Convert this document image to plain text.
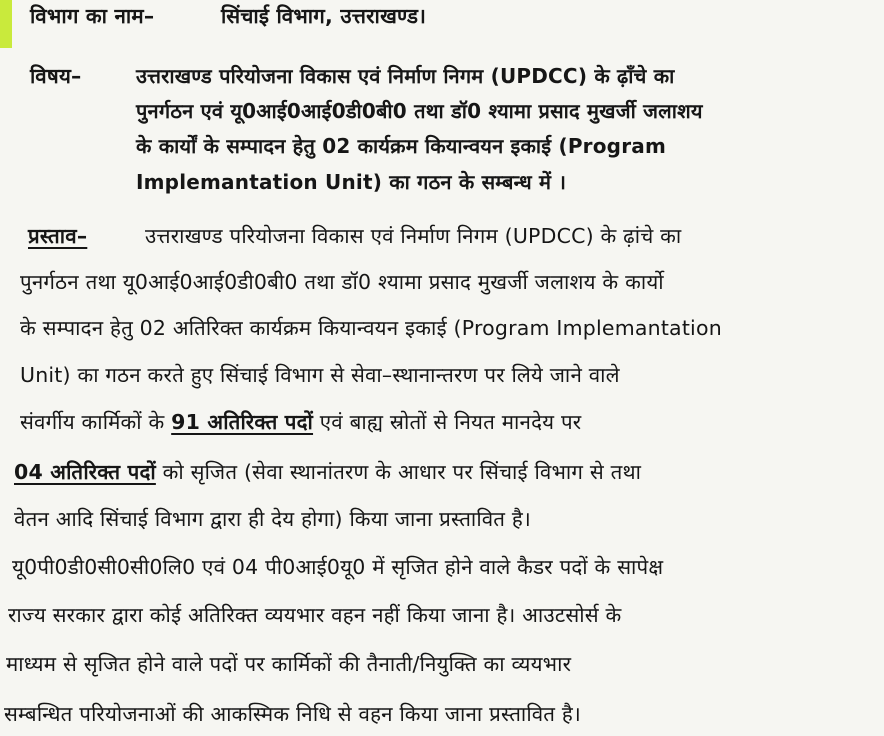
विभाग का नाम–	सिंचाई विभाग, उत्तराखण्ड।
विषय–	उत्तराखण्ड परियोजना विकास एवं निर्माण निगम (UPDCC) के ढ़ाँचे का
पुनर्गठन एवं यू0आई0आई0डी0बी0 तथा डॉ0 श्यामा प्रसाद मुखर्जी जलाशय
के कार्यों के सम्पादन हेतु 02 कार्यक्रम कियान्वयन इकाई (Program
Implemantation Unit) का गठन के सम्बन्ध में ।
प्रस्ताव–	उत्तराखण्ड परियोजना विकास एवं निर्माण निगम (UPDCC) के ढ़ांचे का
पुनर्गठन तथा यू0आई0आई0डी0बी0 तथा डॉ0 श्यामा प्रसाद मुखर्जी जलाशय के कार्यो
के सम्पादन हेतु 02 अतिरिक्त कार्यक्रम कियान्वयन इकाई (Program Implemantation
Unit) का गठन करते हुए सिंचाई विभाग से सेवा–स्थानान्तरण पर लिये जाने वाले
संवर्गीय कार्मिकों के 91 अतिरिक्त पदों एवं बाह्य स्रोतों से नियत मानदेय पर
04 अतिरिक्त पदों को सृजित (सेवा स्थानांतरण के आधार पर सिंचाई विभाग से तथा
वेतन आदि सिंचाई विभाग द्वारा ही देय होगा) किया जाना प्रस्तावित है।
यू0पी0डी0सी0सी0लि0 एवं 04 पी0आई0यू0 में सृजित होने वाले कैडर पदों के सापेक्ष
राज्य सरकार द्वारा कोई अतिरिक्त व्ययभार वहन नहीं किया जाना है। आउटसोर्स के
माध्यम से सृजित होने वाले पदों पर कार्मिकों की तैनाती/नियुक्ति का व्ययभार
सम्बन्धित परियोजनाओं की आकस्मिक निधि से वहन किया जाना प्रस्तावित है।
